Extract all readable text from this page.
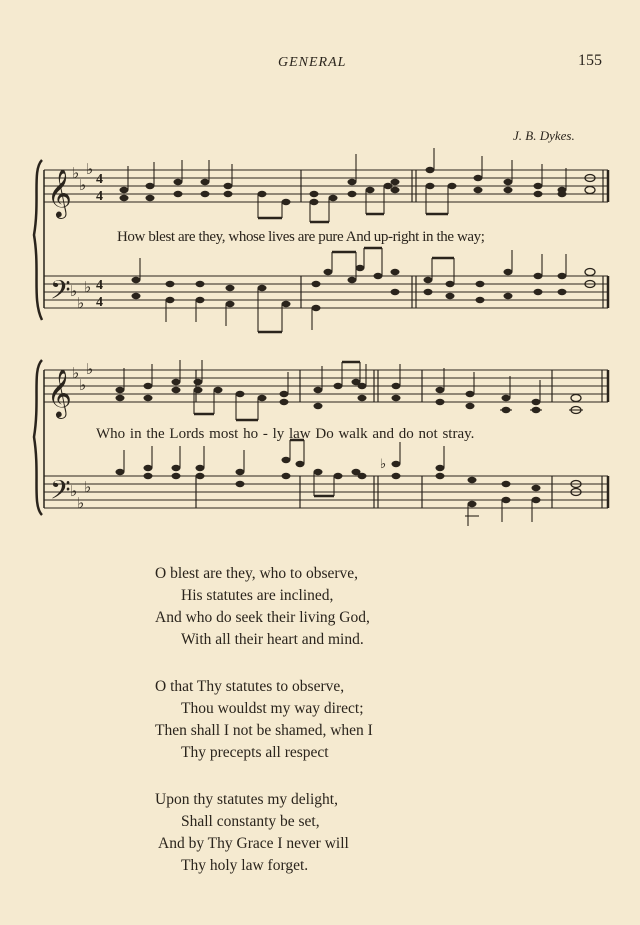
GENERAL	155
J. B. Dykes.
𝄞
𝄢
♭
♭
♭
♭
♭
♭
4
4
4
4
𝄞
𝄢
♭
♭
♭
♭
♭
♭
♭
How blest are they, whose lives are pure And up-right in the way;
Who in the Lords most ho - ly law Do walk and do not stray.
O blest are they, who to observe,
His statutes are inclined,
And who do seek their living God,
With all their heart and mind.
O that Thy statutes to observe,
Thou wouldst my way direct;
Then shall I not be shamed, when I
Thy precepts all respect
Upon thy statutes my delight,
Shall constanty be set,
And by Thy Grace I never will
Thy holy law forget.
